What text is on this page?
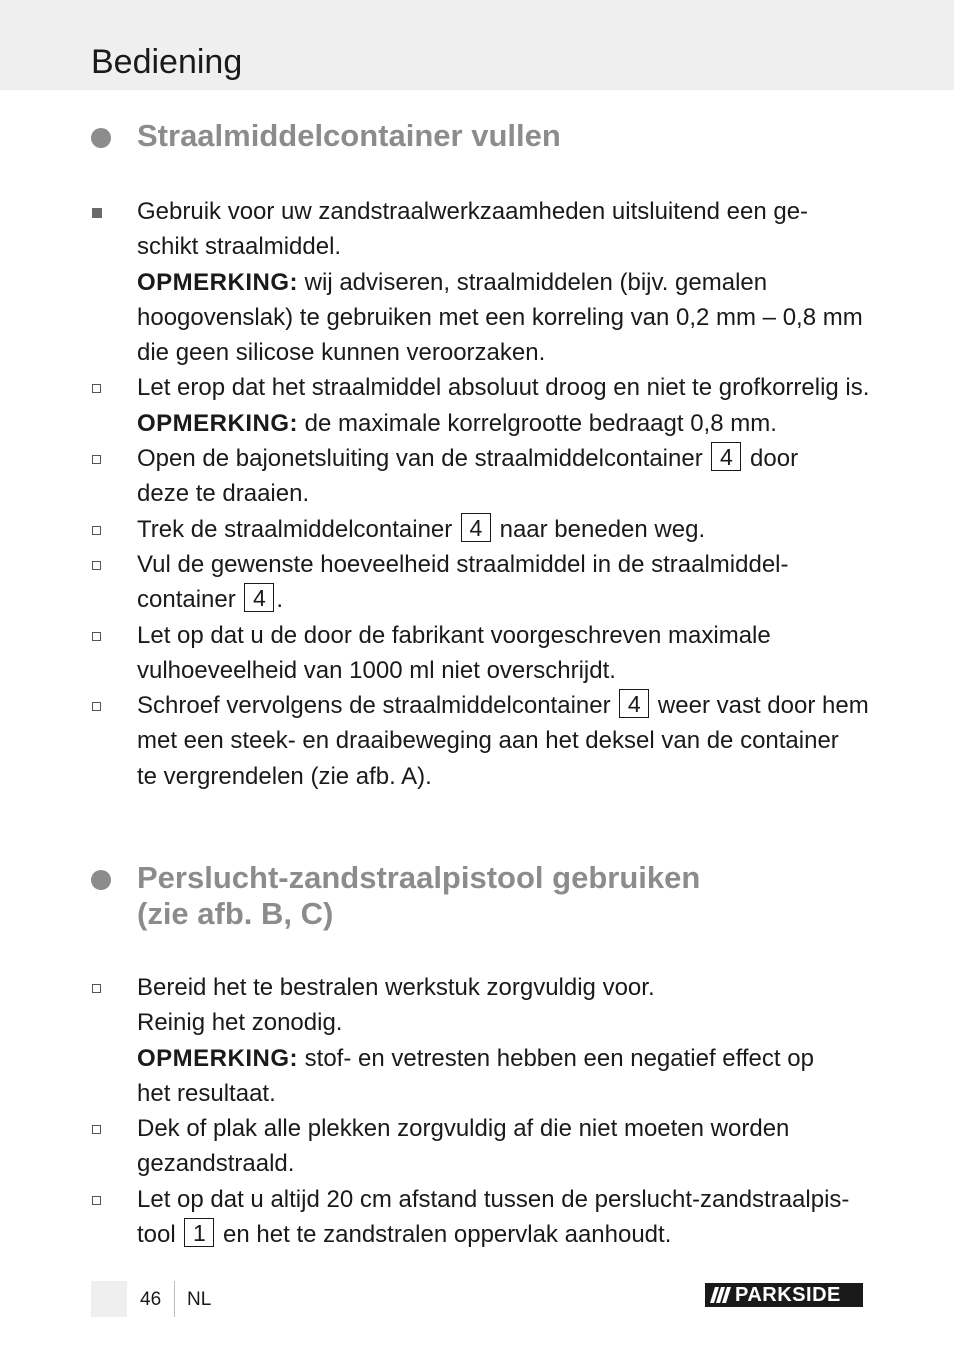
Bediening
Straalmiddelcontainer vullen
Gebruik voor uw zandstraalwerkzaamheden uitsluitend een ge-
schikt straalmiddel.
OPMERKING: wij adviseren, straalmiddelen (bijv. gemalen
hoogovenslak) te gebruiken met een korreling van 0,2 mm – 0,8 mm
die geen silicose kunnen veroorzaken.
Let erop dat het straalmiddel absoluut droog en niet te grofkorrelig is.
OPMERKING: de maximale korrelgrootte bedraagt 0,8 mm.
Open de bajonetsluiting van de straalmiddelcontainer 4 door
deze te draaien.
Trek de straalmiddelcontainer 4 naar beneden weg.
Vul de gewenste hoeveelheid straalmiddel in de straalmiddel-
container 4 .
Let op dat u de door de fabrikant voorgeschreven maximale
vulhoeveelheid van 1000 ml niet overschrijdt.
Schroef vervolgens de straalmiddelcontainer 4 weer vast door hem
met een steek- en draaibeweging aan het deksel van de container
te vergrendelen (zie afb. A).
Perslucht-zandstraalpistool gebruiken
(zie afb. B, C)
Bereid het te bestralen werkstuk zorgvuldig voor.
Reinig het zonodig.
OPMERKING: stof- en vetresten hebben een negatief effect op
het resultaat.
Dek of plak alle plekken zorgvuldig af die niet moeten worden
gezandstraald.
Let op dat u altijd 20 cm afstand tussen de perslucht-zandstraalpis-
tool 1 en het te zandstralen oppervlak aanhoudt.
46 NL	PARKSIDE
